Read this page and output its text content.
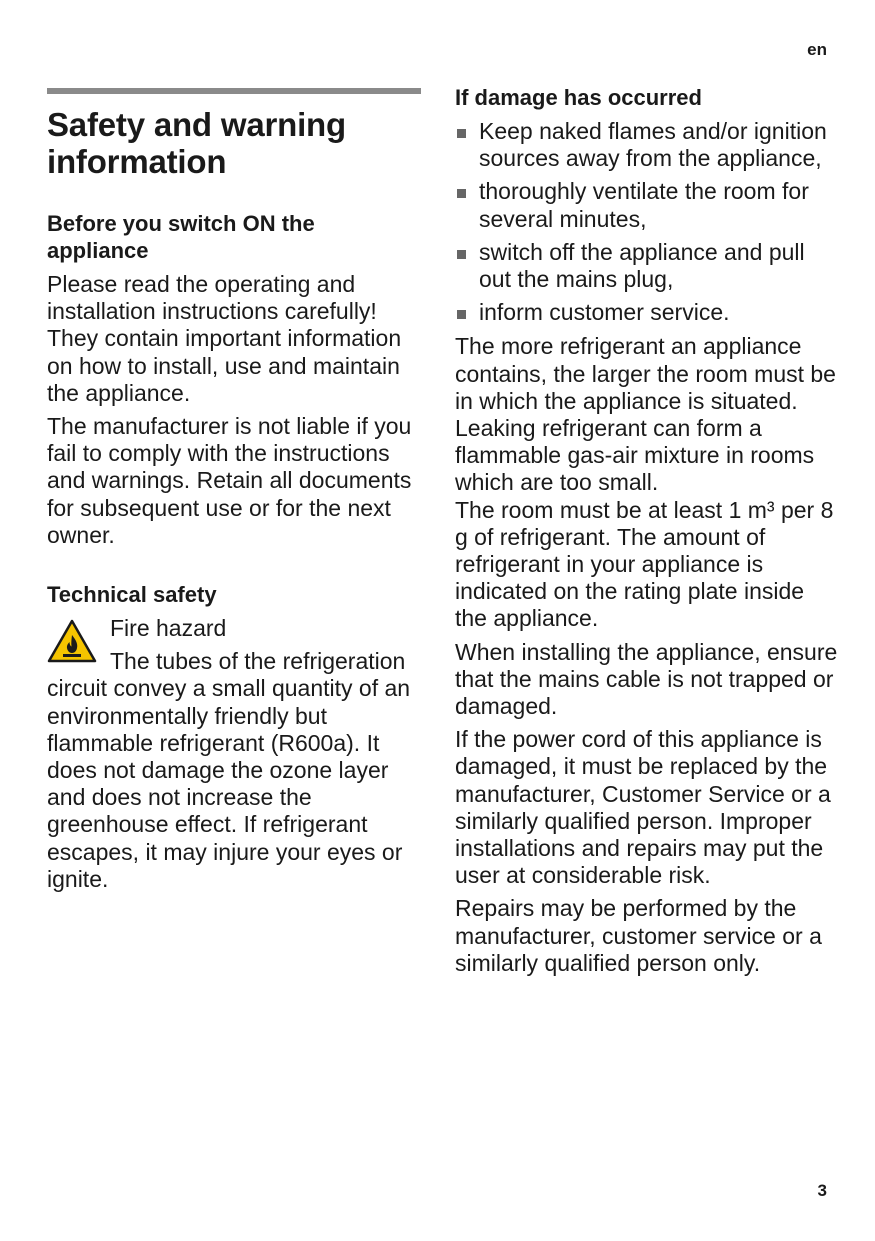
en
Safety and warning information
Before you switch ON the appliance

Please read the operating and installation instructions carefully! They contain important information on how to install, use and maintain the appliance.

The manufacturer is not liable if you fail to comply with the instructions and warnings. Retain all documents for subsequent use or for the next owner.

Technical safety
Fire hazard

The tubes of the refrigeration circuit convey a small quantity of an environmentally friendly but flammable refrigerant (R600a). It does not damage the ozone layer and does not increase the greenhouse effect. If refrigerant escapes, it may injure your eyes or ignite.

If damage has occurred
Keep naked flames and/or ignition sources away from the appliance,
thoroughly ventilate the room for several minutes,
switch off the appliance and pull out the mains plug,
inform customer service.

The more refrigerant an appliance contains, the larger the room must be in which the appliance is situated. Leaking refrigerant can form a flammable gas-air mixture in rooms which are too small.
The room must be at least 1 m³ per 8 g of refrigerant. The amount of refrigerant in your appliance is indicated on the rating plate inside the appliance.

When installing the appliance, ensure that the mains cable is not trapped or damaged.

If the power cord of this appliance is damaged, it must be replaced by the manufacturer, Customer Service or a similarly qualified person. Improper installations and repairs may put the user at considerable risk.

Repairs may be performed by the manufacturer, customer service or a similarly qualified person only.

3
